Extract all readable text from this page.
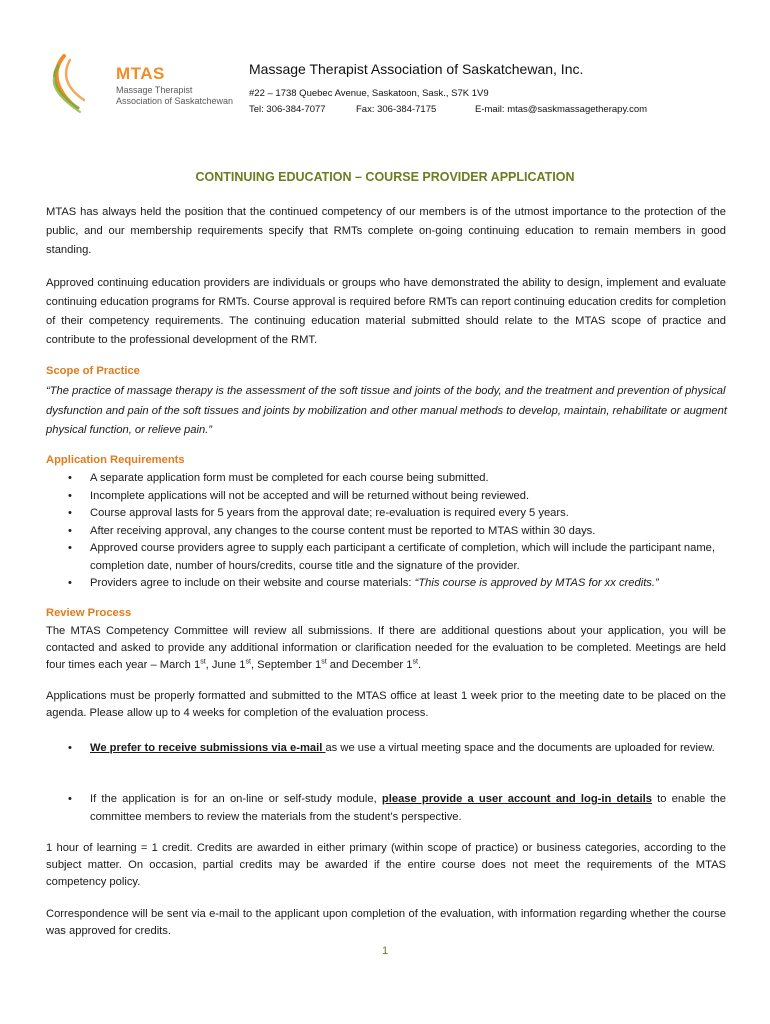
MTAS
Massage Therapist
Association of Saskatchewan
Massage Therapist Association of Saskatchewan, Inc.
#22 – 1738 Quebec Avenue, Saskatoon, Sask., S7K 1V9
Tel: 306-384-7077	Fax: 306-384-7175	E-mail: mtas@saskmassagetherapy.com
CONTINUING EDUCATION – COURSE PROVIDER APPLICATION
MTAS has always held the position that the continued competency of our members is of the utmost importance to the protection of the public, and our membership requirements specify that RMTs complete on-going continuing education to remain members in good standing.
Approved continuing education providers are individuals or groups who have demonstrated the ability to design, implement and evaluate continuing education programs for RMTs. Course approval is required before RMTs can report continuing education credits for completion of their competency requirements. The continuing education material submitted should relate to the MTAS scope of practice and contribute to the professional development of the RMT.
Scope of Practice
“The practice of massage therapy is the assessment of the soft tissue and joints of the body, and the treatment and prevention of physical dysfunction and pain of the soft tissues and joints by mobilization and other manual methods to develop, maintain, rehabilitate or augment physical function, or relieve pain.”
Application Requirements
• A separate application form must be completed for each course being submitted.
• Incomplete applications will not be accepted and will be returned without being reviewed.
• Course approval lasts for 5 years from the approval date; re-evaluation is required every 5 years.
• After receiving approval, any changes to the course content must be reported to MTAS within 30 days.
• Approved course providers agree to supply each participant a certificate of completion, which will include the participant name, completion date, number of hours/credits, course title and the signature of the provider.
• Providers agree to include on their website and course materials: “This course is approved by MTAS for xx credits.”
Review Process
The MTAS Competency Committee will review all submissions. If there are additional questions about your application, you will be contacted and asked to provide any additional information or clarification needed for the evaluation to be completed. Meetings are held four times each year – March 1st, June 1st, September 1st and December 1st.
Applications must be properly formatted and submitted to the MTAS office at least 1 week prior to the meeting date to be placed on the agenda. Please allow up to 4 weeks for completion of the evaluation process.
• We prefer to receive submissions via e-mail as we use a virtual meeting space and the documents are uploaded for review.
• If the application is for an on-line or self-study module, please provide a user account and log-in details to enable the committee members to review the materials from the student’s perspective.
1 hour of learning = 1 credit. Credits are awarded in either primary (within scope of practice) or business categories, according to the subject matter. On occasion, partial credits may be awarded if the entire course does not meet the requirements of the MTAS competency policy.
Correspondence will be sent via e-mail to the applicant upon completion of the evaluation, with information regarding whether the course was approved for credits.
1
